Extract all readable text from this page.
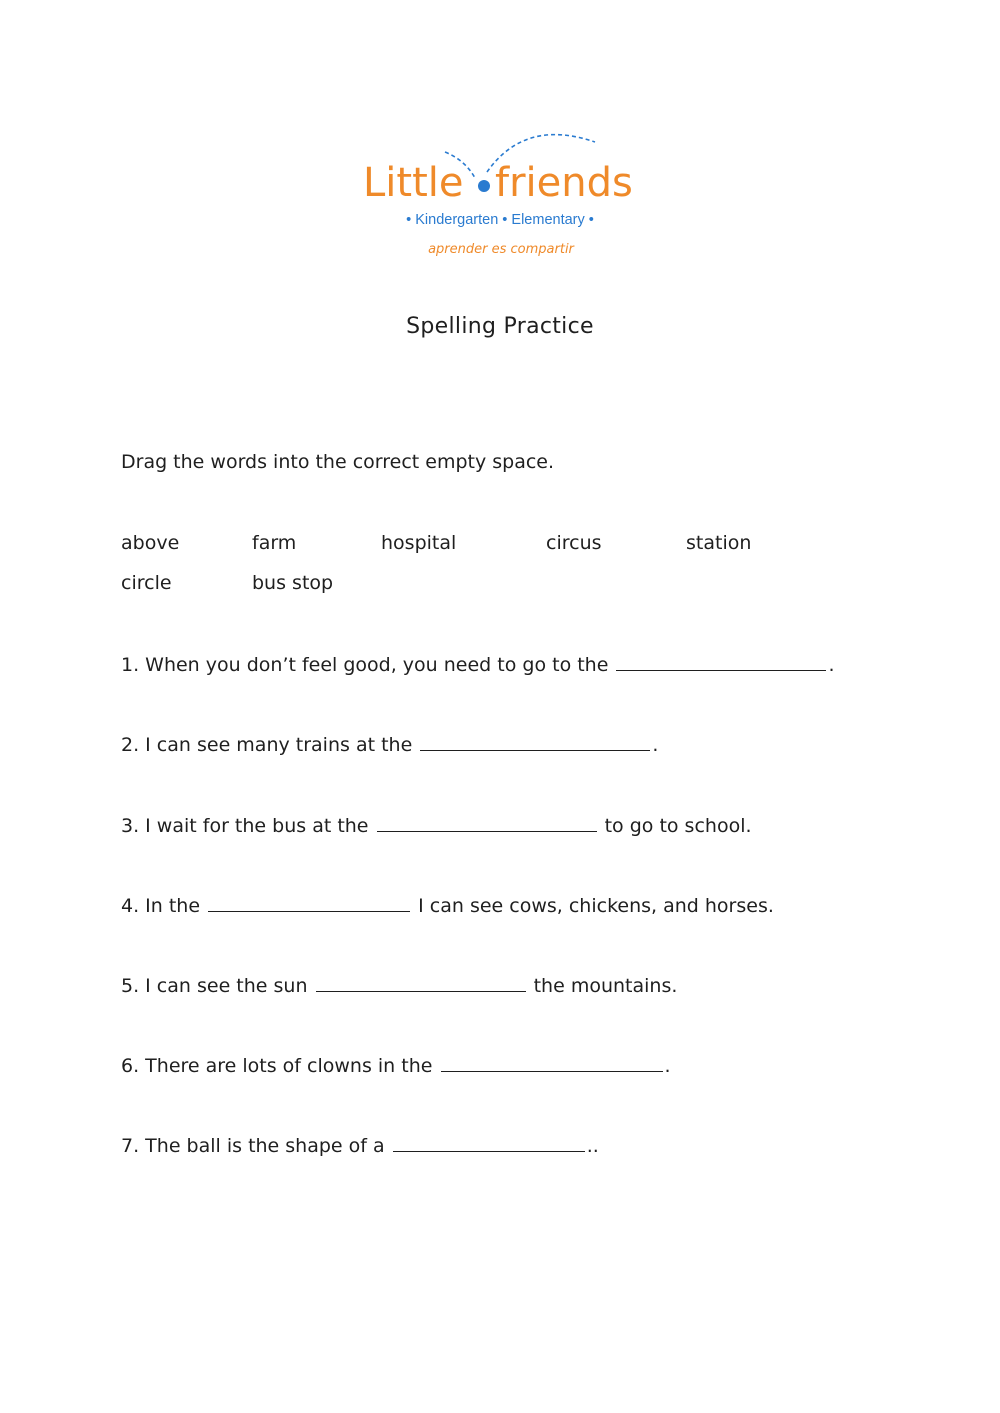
Little friends
• Kindergarten • Elementary •
aprender es compartir
Spelling Practice
Drag the words into the correct empty space.
above	farm	hospital	circus	station
circle	bus stop
1. When you don’t feel good, you need to go to the	.
2. I can see many trains at the	.
3. I wait for the bus at the	to go to school.
4. In the	I can see cows, chickens, and horses.
5. I can see the sun	the mountains.
6. There are lots of clowns in the	.
7. The ball is the shape of a	..
